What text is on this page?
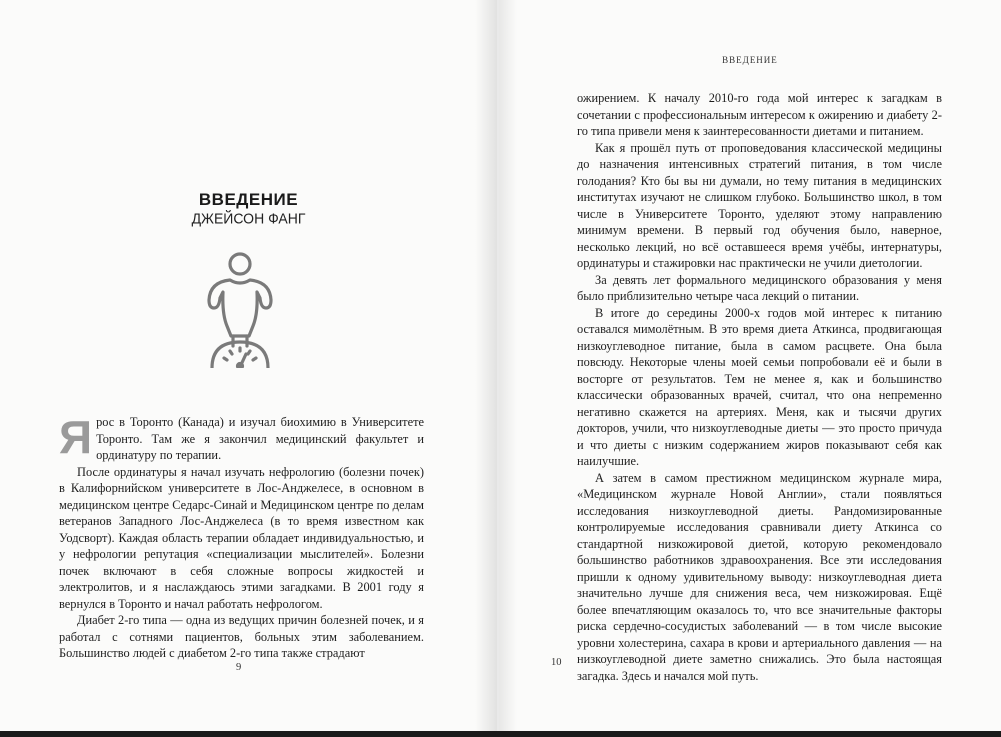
ВВЕДЕНИЕ
ДЖЕЙСОН ФАНГ

Ярос в Торонто (Канада) и изучал биохимию в Университете Торонто. Там же я закончил медицинский факультет и ординатуру по терапии.

После ординатуры я начал изучать нефрологию (болезни почек) в Калифорнийском университете в Лос-Анджелесе, в основном в медицинском центре Седарс-Синай и Медицинском центре по делам ветеранов Западного Лос-Анджелеса (в то время известном как Уодсворт). Каждая область терапии обладает индивидуальностью, и у нефрологии репутация «специализации мыслителей». Болезни почек включают в себя сложные вопросы жидкостей и электролитов, и я наслаждаюсь этими загадками. В 2001 году я вернулся в Торонто и начал работать нефрологом.

Диабет 2-го типа — одна из ведущих причин болезней почек, и я работал с сотнями пациентов, больных этим заболеванием. Большинство людей с диабетом 2-го типа также страдают

9
ВВЕДЕНИЕ

ожирением. К началу 2010-го года мой интерес к загадкам в сочетании с профессиональным интересом к ожирению и диабету 2-го типа привели меня к заинтересованности диетами и питанием.

Как я прошёл путь от проповедования классической медицины до назначения интенсивных стратегий питания, в том числе голодания? Кто бы вы ни думали, но тему питания в медицинских институтах изучают не слишком глубоко. Большинство школ, в том числе в Университете Торонто, уделяют этому направлению минимум времени. В первый год обучения было, наверное, несколько лекций, но всё оставшееся время учёбы, интернатуры, ординатуры и стажировки нас практически не учили диетологии.

За девять лет формального медицинского образования у меня было приблизительно четыре часа лекций о питании.

В итоге до середины 2000-х годов мой интерес к питанию оставался мимолётным. В это время диета Аткинса, продвигающая низкоуглеводное питание, была в самом расцвете. Она была повсюду. Некоторые члены моей семьи попробовали её и были в восторге от результатов. Тем не менее я, как и большинство классически образованных врачей, считал, что она непременно негативно скажется на артериях. Меня, как и тысячи других докторов, учили, что низкоуглеводные диеты — это просто причуда и что диеты с низким содержанием жиров показывают себя как наилучшие.

А затем в самом престижном медицинском журнале мира, «Медицинском журнале Новой Англии», стали появляться исследования низкоуглеводной диеты. Рандомизированные контролируемые исследования сравнивали диету Аткинса со стандартной низкожировой диетой, которую рекомендовало большинство работников здравоохранения. Все эти исследования пришли к одному удивительному выводу: низкоуглеводная диета значительно лучше для снижения веса, чем низкожировая. Ещё более впечатляющим оказалось то, что все значительные факторы риска сердечно-сосудистых заболеваний — в том числе высокие уровни холестерина, сахара в крови и артериального давления — на низкоуглеводной диете заметно снижались. Это была настоящая загадка. Здесь и начался мой путь.

10
